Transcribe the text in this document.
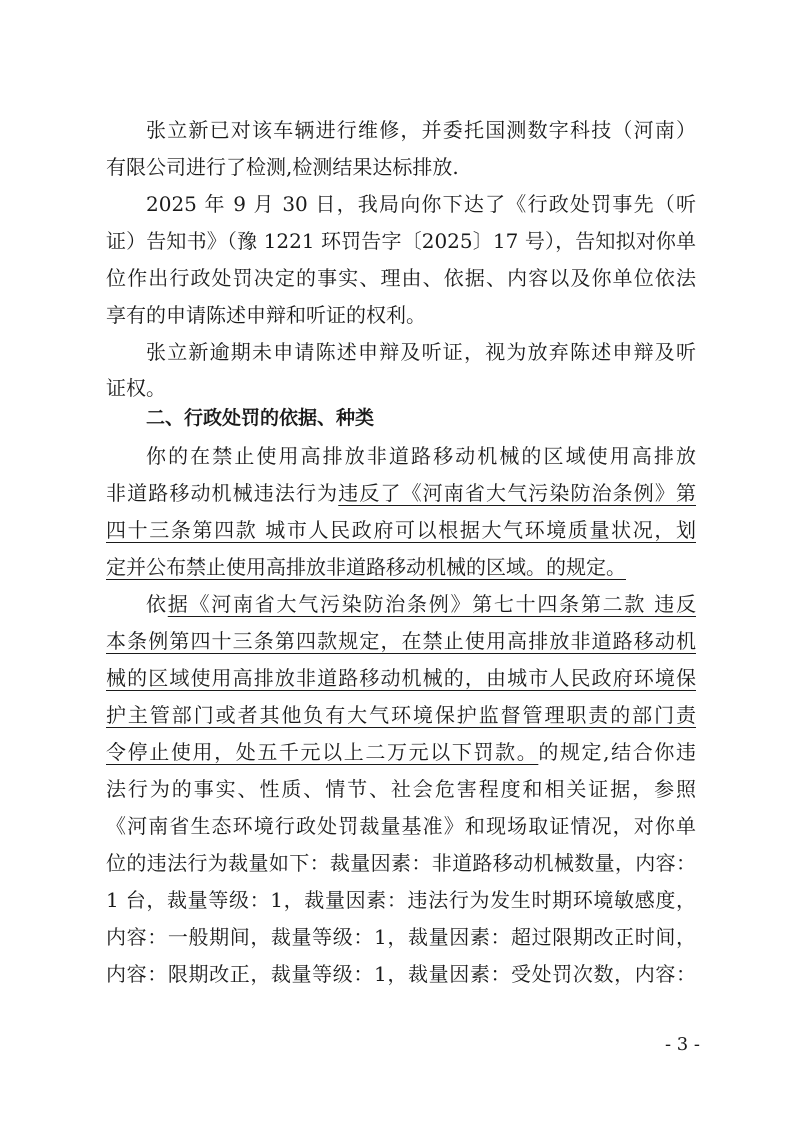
张立新已对该车辆进行维修，并委托国测数字科技（河南）
有限公司进行了检测,检测结果达标排放.
2025 年 9 月 30 日，我局向你下达了《行政处罚事先（听
证）告知书》（豫 1221 环罚告字〔2025〕17 号），告知拟对你单
位作出行政处罚决定的事实、理由、依据、内容以及你单位依法
享有的申请陈述申辩和听证的权利。
张立新逾期未申请陈述申辩及听证，视为放弃陈述申辩及听
证权。
二、行政处罚的依据、种类
你的在禁止使用高排放非道路移动机械的区域使用高排放
非道路移动机械违法行为违反了《河南省大气污染防治条例》第
四十三条第四款 城市人民政府可以根据大气环境质量状况，划
定并公布禁止使用高排放非道路移动机械的区域。的规定。
依据《河南省大气污染防治条例》第七十四条第二款 违反
本条例第四十三条第四款规定，在禁止使用高排放非道路移动机
械的区域使用高排放非道路移动机械的，由城市人民政府环境保
护主管部门或者其他负有大气环境保护监督管理职责的部门责
令停止使用，处五千元以上二万元以下罚款。的规定,结合你违
法行为的事实、性质、情节、社会危害程度和相关证据，参照
《河南省生态环境行政处罚裁量基准》和现场取证情况，对你单
位的违法行为裁量如下：裁量因素：非道路移动机械数量，内容：
1 台，裁量等级：1，裁量因素：违法行为发生时期环境敏感度，
内容：一般期间，裁量等级：1，裁量因素：超过限期改正时间，
内容：限期改正，裁量等级：1，裁量因素：受处罚次数，内容：
- 3 -
